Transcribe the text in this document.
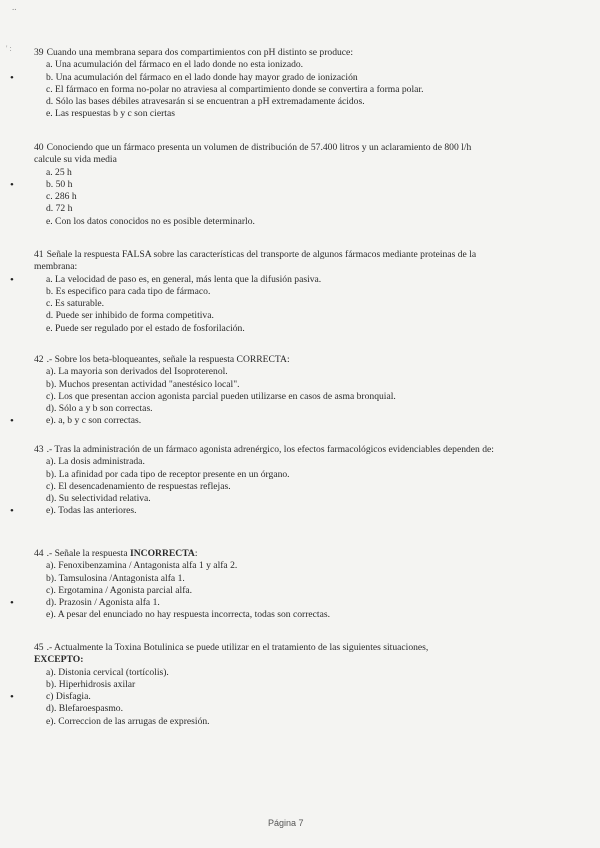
..
' : 39 Cuando una membrana separa dos compartimientos con pH distinto se produce:

a. Una acumulación del fármaco en el lado donde no esta ionizado.
•	b. Una acumulación del fármaco en el lado donde hay mayor grado de ionización
c. El fármaco en forma no-polar no atraviesa al compartimiento donde se convertira a forma polar.
d. Sólo las bases débiles atravesarán si se encuentran a pH extremadamente ácidos.
e. Las respuestas b y c son ciertas

40 Conociendo que un fármaco presenta un volumen de distribución de 57.400 litros y un aclaramiento de 800 l/h calcule su vida media

a. 25 h
•	b. 50 h
c. 286 h
d. 72 h
e. Con los datos conocidos no es posible determinarlo.

41 Señale la respuesta FALSA sobre las características del transporte de algunos fármacos mediante proteinas de la membrana:

•	a. La velocidad de paso es, en general, más lenta que la difusión pasiva.
b. Es especifico para cada tipo de fármaco.
c. Es saturable.
d. Puede ser inhibido de forma competitiva.
e. Puede ser regulado por el estado de fosforilación.

42 .- Sobre los beta-bloqueantes, señale la respuesta CORRECTA:

a). La mayoria son derivados del Isoproterenol.
b). Muchos presentan actividad "anestésico local".
c). Los que presentan accion agonista parcial pueden utilizarse en casos de asma bronquial.
d). Sólo a y b son correctas.
•	e). a, b y c son correctas.

43 .- Tras la administración de un fármaco agonista adrenérgico, los efectos farmacológicos evidenciables dependen de:

a). La dosis administrada.
b). La afinidad por cada tipo de receptor presente en un órgano.
c). El desencadenamiento de respuestas reflejas.
d). Su selectividad relativa.
•	e). Todas las anteriores.

44 .- Señale la respuesta INCORRECTA:

a). Fenoxibenzamina / Antagonista alfa 1 y alfa 2.
b). Tamsulosina /Antagonista alfa 1.
c). Ergotamina / Agonista parcial alfa.
•	d). Prazosin / Agonista alfa 1.
e). A pesar del enunciado no hay respuesta incorrecta, todas son correctas.

45 .- Actualmente la Toxina Botulinica se puede utilizar en el tratamiento de las siguientes situaciones,
EXCEPTO:

a). Distonia cervical (tortícolis).
b). Hiperhidrosis axilar
•	c) Disfagia.
d). Blefaroespasmo.
e). Correccion de las arrugas de expresión.
Página 7
